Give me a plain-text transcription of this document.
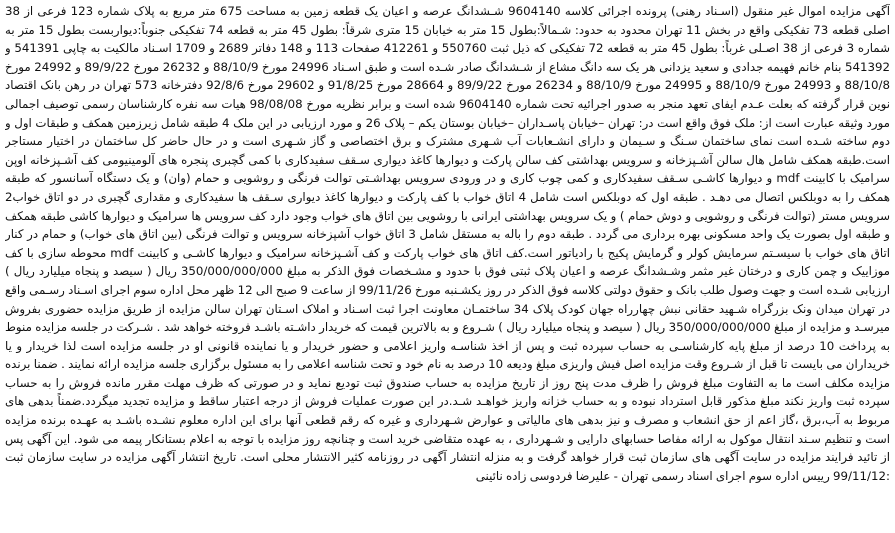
آگهی مزایده اموال غیر منقول (اسـناد رهنی) پرونده اجرائی کلاسه 9604140 شـشدانگ عرصه و اعیان یک قطعه زمین به مساحت 675 متر مربع به پلاک شماره 123 فرعی از 38 اصلی قطعه 73 تفکیکی واقع در بخش 11 تهران محدود به حدود: شـمالاً:بطول 15 متر به خیابان 15 متری شرقاً: بطول 45 متر به قطعه 74 تفکیکی جنوباً:دیواربست بطول 15 متر به شماره 3 فرعی از 38 اصـلی غرباً: بطول 45 متر به قطعه 72 تفکیکی که ذیل ثبت 550760 و 412261 صفحات 113 و 148 دفاتر 2689 و 1709 اسـناد مالکیت به چاپی 541391 و 541392 بنام خانم فهیمه جدادی و سعید یزدانی هر یک سه دانگ مشاع از شـشدانگ صادر شـده است و طبق اسـناد 24996 مورخ 88/10/9 و 26232 مورخ 89/9/22 و 24992 مورخ 88/10/8 و 24993 مورخ 88/10/9 و 24995 مورخ 88/10/9 و 26234 مورخ 89/9/22 و 28664 مورخ 91/8/25 و 29602 مورخ 92/8/6 دفترخانه 573 تهران در رهن بانک اقتصاد نوین قرار گرفته که بعلت عـدم ایفای تعهد منجر به صدور اجرائیه تحت شماره 9604140 شده است و برابر نظریه مورخ 98/08/08 هیات سه نفره کارشناسان رسمی توصیف اجمالی مورد وثیقه عبارت است از: ملک فوق واقع است در: تهران –خیابان پاسـداران –خیابان بوستان یکم – پلاک 26 و مورد ارزیابی در این ملک 4 طبقه شامل زیرزمین همکف و طبقات اول و دوم ساخته شـده است نمای ساختمان سـنگ و سـیمان و دارای انشـعابات آب شـهری مشترک و برق اختصاصی و گاز شـهری است و در حال حاضر کل ساختمان در اختیار مستاجر است.طبقه همکف شامل هال سالن آشـپزخانه و سرویس بهداشتی کف سالن پارکت و دیوارها کاغذ دیواری سـقف سفیدکاری با کمی گچبری پنجره های آلومینیومی کف آشـپزخانه اوپن سرامیک با کابینت mdf و دیوارها کاشـی سـقف سفیدکاری و کمی چوب کاری و در ورودی سرویس بهداشـتی توالت فرنگی و روشویی و حمام (وان) و یک دستگاه آسانسور که طبقه همکف را به دوبلکس اتصال می دهـد . طبقه اول که دوبلکس است شامل 4 اتاق خواب با کف پارکت و دیوارها کاغذ دیواری سـقف ها سفیدکاری و مقداری گچبری در دو اتاق خواب2 سرویس مستر (توالت فرنگی و روشویی و دوش حمام ) و یک سرویس بهداشتی ایرانی با روشویی بین اتاق های خواب وجود دارد کف سرویس ها سرامیک و دیوارها کاشی طبقه همکف و طبقه اول بصورت یک واحد مسکونی بهره برداری می گردد . طبقه دوم را باله به مستقل شامل 3 اتاق خواب آشپزخانه سرویس و توالت فرنگی (بین اتاق های خواب) و حمام در کنار اتاق های خواب با سیسـتم سرمایش کولر و گرمایش پکیج با رادیاتور است.کف اتاق های خواب پارکت و کف آشـپزخانه سرامیک و دیوارها کاشـی و کابینت mdf محوطه سازی با کف موزاییک و چمن کاری و درختان غیر مثمر وشـشدانگ عرصه و اعیان پلاک ثبتی فوق با حدود و مشـخصات فوق الذکر به مبلغ 350/000/000/000 ریال ( سیصد و پنجاه میلیارد ریال ) ارزیابی شـده است و جهت وصول طلب بانک و حقوق دولتی کلاسه فوق الذکر در روز یکشـنبه مورخ 99/11/26 از ساعت 9 صبح الی 12 ظهر محل اداره سوم اجرای اسـناد رسـمی واقع در تهران میدان ونک بزرگراه شـهید حقانی نبش چهارراه جهان کودک پلاک 34 ساختمـان معاونت اجرا ثبت اسـناد و املاک اسـتان تهران سالن مزایده از طریق مزایده حضوری بفروش میرسـد و مزایده از مبلغ 350/000/000/000 ریال ( سیصد و پنجاه میلیارد ریال ) شـروع و به بالاترین قیمت که خریدار داشـته باشـد فروخته خواهد شد . شـرکت در جلسه مزایده منوط به پرداخت 10 درصد از مبلغ پایه کارشناسـی به حساب سپرده ثبت و پس از اخذ شناسـه واریز اعلامی و حضور خریدار و یا نماینده قانونی او در جلسه مزایده است لذا خریدار و یا خریداران می بایست تا قبل از شـروع وقت مزایده اصل فیش واریزی مبلغ ودیعه 10 درصد به نام خود و تحت شناسه اعلامی را به مسئول برگزاری جلسه مزایده ارائه نمایند . ضمنا برنده مزایده مکلف است ما به التفاوت مبلغ فروش را ظرف مدت پنج روز از تاریخ مزایده به حساب صندوق ثبت تودیع نماید و در صورتی که ظرف مهلت مقرر مانده فروش را به حساب سپرده ثبت واریز نکند مبلغ مذکور قابل استرداد نبوده و به حساب خزانه واریز خواهـد شـد.در این صورت عملیات فروش از درجه اعتبار ساقط و مزایده تجدید میگردد.ضمناً بدهی های مربوط به آب،برق ،گاز اعم از حق انشعاب و مصرف و نیز بدهی های مالیاتی و عوارض شـهرداری و غیره که رقم قطعی آنها برای این اداره معلوم نشـده باشـد به عهـده برنده مزایده است و تنظیم سـند انتقال موکول به ارائه مفاصا حسابهای دارایی و شـهرداری ، به عهده متقاضی خرید است و چنانچه روز مزایده با توجه به اعلام بستانکار پیمه می شود. این آگهی پس از تائید فرایند مزایده در سایت آگهی های سازمان ثبت قرار خواهد گرفت و به منزله انتشار آگهی در روزنامه کثیر الانتشار محلی است. تاریخ انتشار آگهی مزایده در سایت سازمان ثبت :99/11/12 رییس اداره سوم اجرای اسناد رسمی تهران - علیرضا فردوسی زاده نائینی
